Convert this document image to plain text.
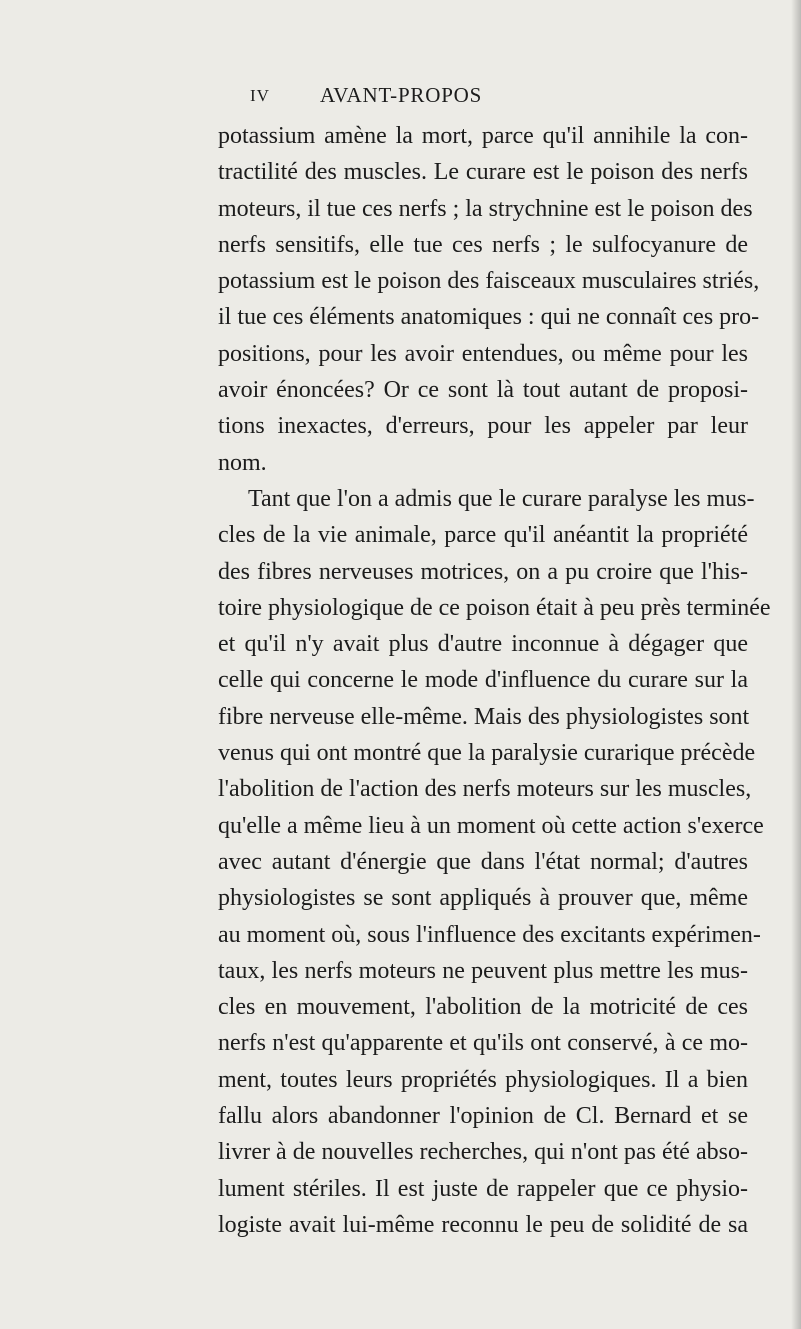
IV AVANT-PROPOS
potassium amène la mort, parce qu'il annihile la con-
tractilité des muscles. Le curare est le poison des nerfs
moteurs, il tue ces nerfs ; la strychnine est le poison des
nerfs sensitifs, elle tue ces nerfs ; le sulfocyanure de
potassium est le poison des faisceaux musculaires striés,
il tue ces éléments anatomiques : qui ne connaît ces pro-
positions, pour les avoir entendues, ou même pour les
avoir énoncées? Or ce sont là tout autant de proposi-
tions inexactes, d'erreurs, pour les appeler par leur
nom.
Tant que l'on a admis que le curare paralyse les mus-
cles de la vie animale, parce qu'il anéantit la propriété
des fibres nerveuses motrices, on a pu croire que l'his-
toire physiologique de ce poison était à peu près terminée
et qu'il n'y avait plus d'autre inconnue à dégager que
celle qui concerne le mode d'influence du curare sur la
fibre nerveuse elle-même. Mais des physiologistes sont
venus qui ont montré que la paralysie curarique précède
l'abolition de l'action des nerfs moteurs sur les muscles,
qu'elle a même lieu à un moment où cette action s'exerce
avec autant d'énergie que dans l'état normal; d'autres
physiologistes se sont appliqués à prouver que, même
au moment où, sous l'influence des excitants expérimen-
taux, les nerfs moteurs ne peuvent plus mettre les mus-
cles en mouvement, l'abolition de la motricité de ces
nerfs n'est qu'apparente et qu'ils ont conservé, à ce mo-
ment, toutes leurs propriétés physiologiques. Il a bien
fallu alors abandonner l'opinion de Cl. Bernard et se
livrer à de nouvelles recherches, qui n'ont pas été abso-
lument stériles. Il est juste de rappeler que ce physio-
logiste avait lui-même reconnu le peu de solidité de sa
